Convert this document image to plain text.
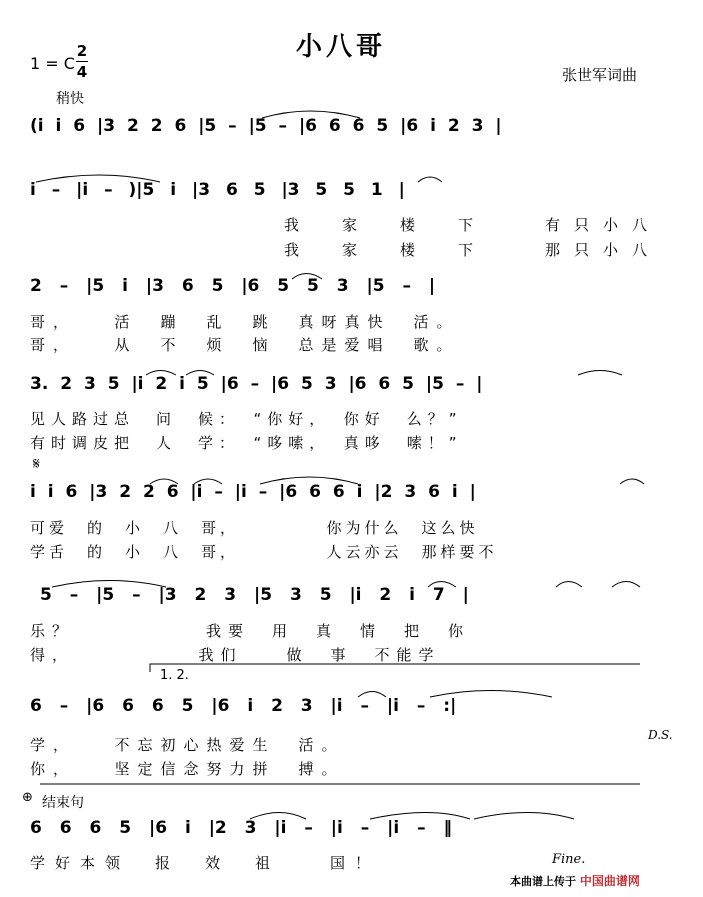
小八哥
1 = C
2
4
稍快
张世军词曲
(i i 6 |3 2 2 6 |5 – |5 – |6 6 6 5 |6 i 2 3 |
i – |i – )|5 i |3 6 5 |3 5 5 1 |
我　家　楼　下　　有只小八
我　家　楼　下　　那只小八
2 – |5 i |3 6 5 |6 5 5 3 |5 – |
哥，　　活　蹦　乱　跳　真呀真快　活。
哥，　　从　不　烦　恼　总是爱唱　歌。
3. 2 3 5 |i 2 i 5 |6 – |6 5 3 |6 6 5 |5 – |
见人路过总　问　候：　“你好，　你好　么？”
有时调皮把　人　学：　“哆嗦，　真哆　嗦！”
𝄋
i i 6 |3 2 2 6 |i – |i – |6 6 6 i |2 3 6 i |
可爱　的　小　八　哥，　　　　　你为什么　这么快
学舌　的　小　八　哥，　　　　　人云亦云　那样要不
5 – |5 – |3 2 3 |5 3 5 |i 2 i 7 |
乐？　　　　　　我要　用　真　情　把　你
得，　　　　　　我们　　做　事　不能学
1. 2.
6 – |6 6 6 5 |6 i 2 3 |i – |i – :|
学，　　不忘初心热爱生　活。
你，　　坚定信念努力拼　搏。
D.S.
⊕ 结束句
6 6 6 5 |6 i |2 3 |i – |i – |i – ‖
学好本领　报　效　祖　　国！	Fine.
本曲谱上传于 中国曲谱网
